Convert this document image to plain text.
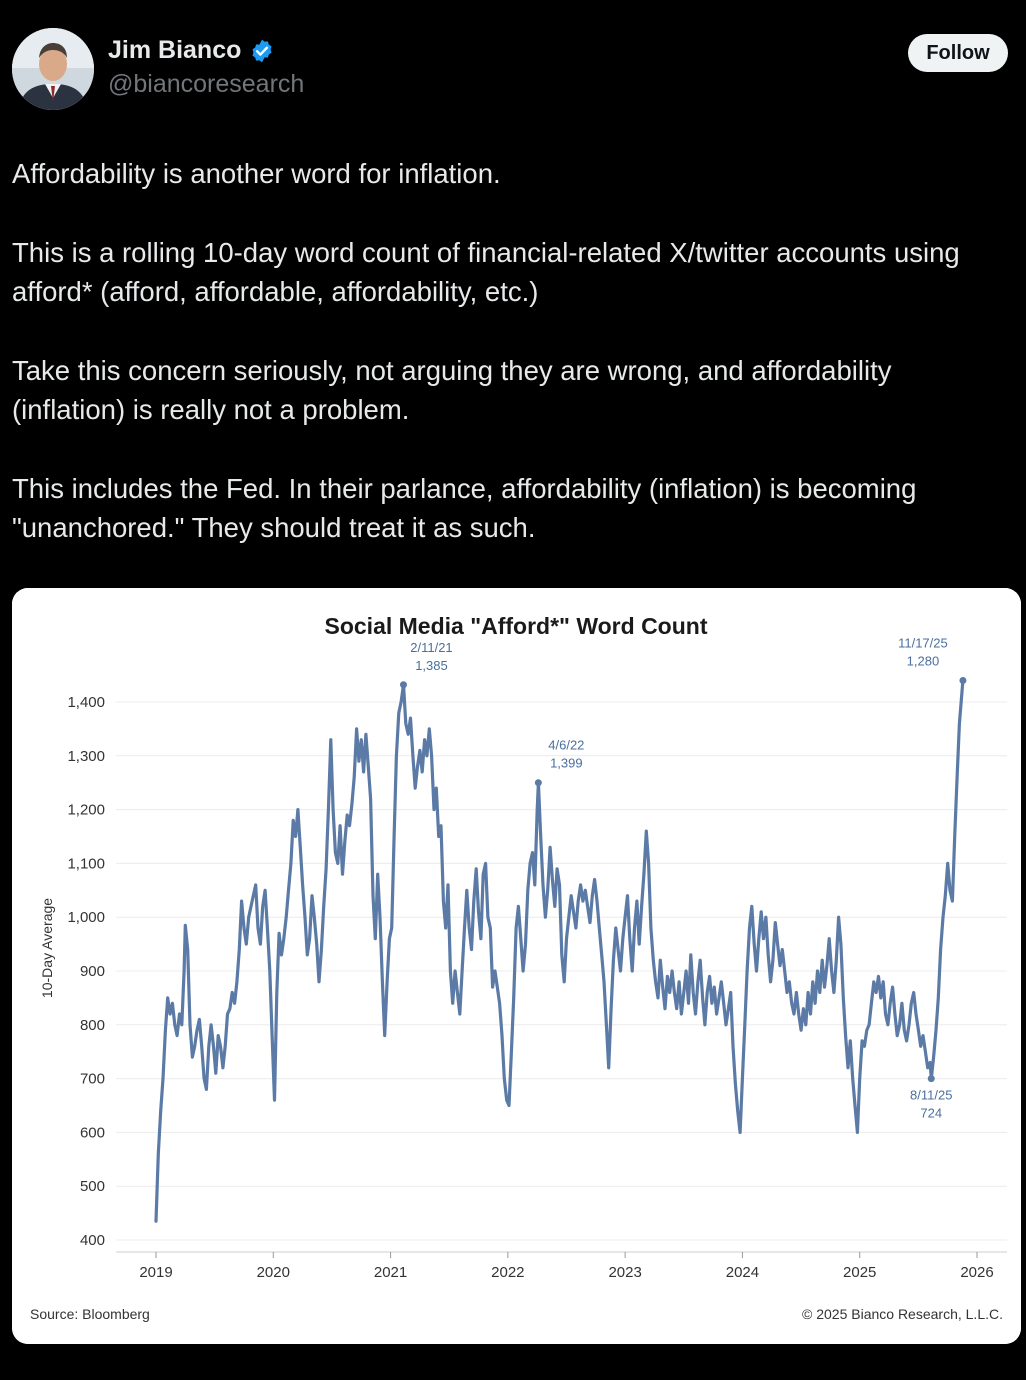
Jim Bianco
@biancoresearch
Follow

Affordability is another word for inflation.

This is a rolling 10-day word count of financial-related X/twitter accounts using afford* (afford, affordable, affordability, etc.)

Take this concern seriously, not arguing they are wrong, and affordability (inflation) is really not a problem.

This includes the Fed. In their parlance, affordability (inflation) is becoming "unanchored." They should treat it as such.

Social Media "Afford*" Word Count
10-Day Average
400
500
600
700
800
900
1,000
1,100
1,200
1,300
1,400
2019	2020	2021	2022	2023	2024	2025	2026
2/11/21
1,385
4/6/22
1,399
8/11/25
724
11/17/25
1,280
Source: Bloomberg	© 2025 Bianco Research, L.L.C.
